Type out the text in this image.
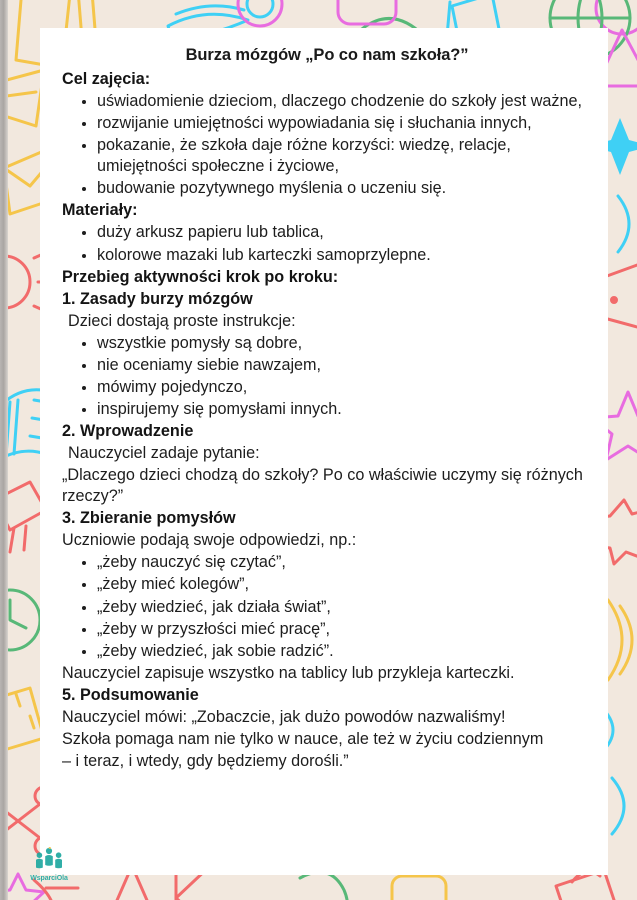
Burza mózgów „Po co nam szkoła?”
Cel zajęcia:
uświadomienie dzieciom, dlaczego chodzenie do szkoły jest ważne,
rozwijanie umiejętności wypowiadania się i słuchania innych,
pokazanie, że szkoła daje różne korzyści: wiedzę, relacje, umiejętności społeczne i życiowe,
budowanie pozytywnego myślenia o uczeniu się.
Materiały:
duży arkusz papieru lub tablica,
kolorowe mazaki lub karteczki samoprzylepne.
Przebieg aktywności krok po kroku:
1. Zasady burzy mózgów

Dzieci dostają proste instrukcje:

wszystkie pomysły są dobre,
nie oceniamy siebie nawzajem,
mówimy pojedynczo,
inspirujemy się pomysłami innych.
2. Wprowadzenie

Nauczyciel zadaje pytanie:

„Dlaczego dzieci chodzą do szkoły? Po co właściwie uczymy się różnych rzeczy?”

3. Zbieranie pomysłów

Uczniowie podają swoje odpowiedzi, np.:

„żeby nauczyć się czytać”,
„żeby mieć kolegów”,
„żeby wiedzieć, jak działa świat”,
„żeby w przyszłości mieć pracę”,
„żeby wiedzieć, jak sobie radzić”.

Nauczyciel zapisuje wszystko na tablicy lub przykleja karteczki.

5. Podsumowanie

Nauczyciel mówi: „Zobaczcie, jak dużo powodów nazwaliśmy!

Szkoła pomaga nam nie tylko w nauce, ale też w życiu codziennym

– i teraz, i wtedy, gdy będziemy dorośli.”

WsparciOla
